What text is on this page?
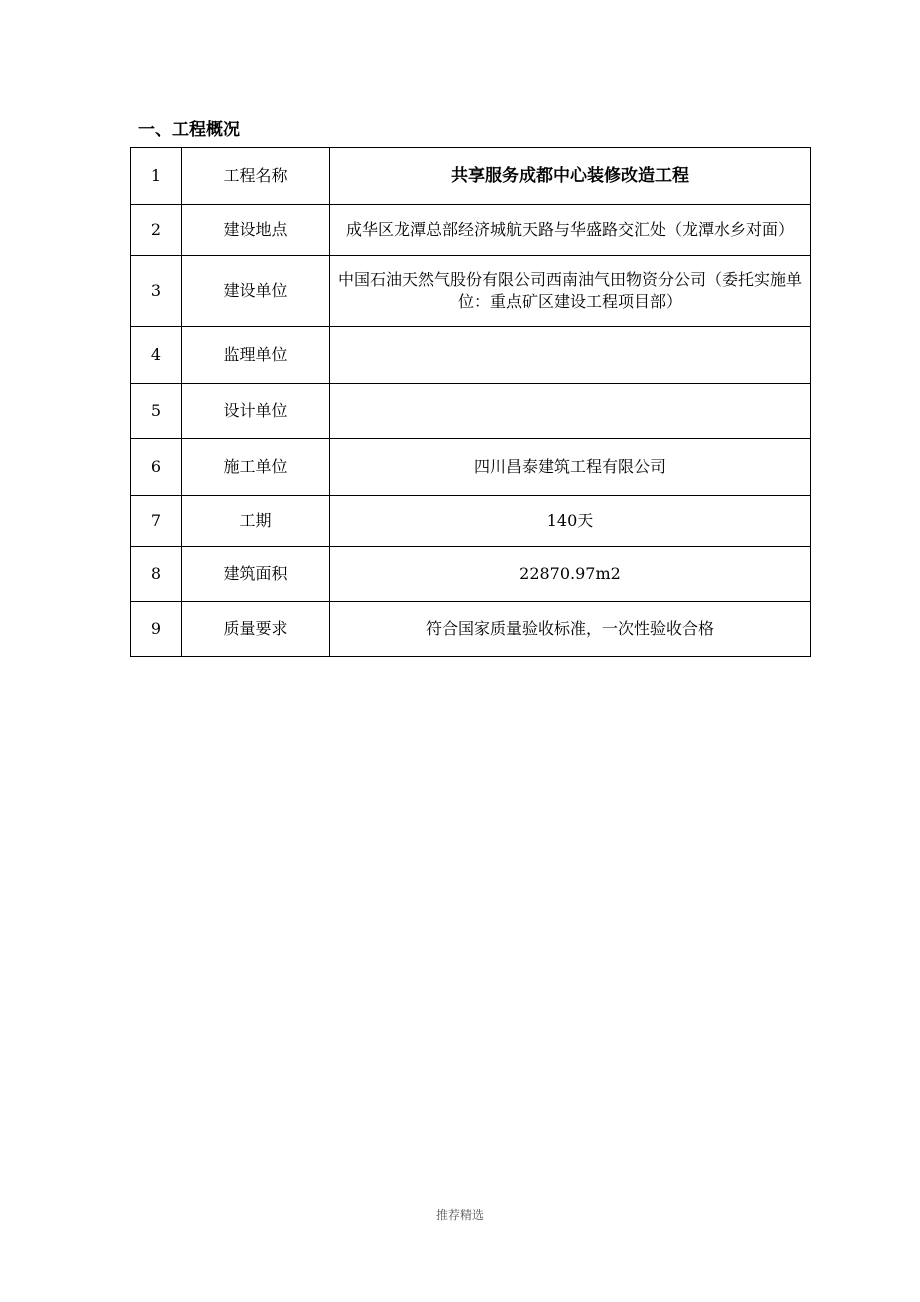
一、工程概况
1	工程名称	共享服务成都中心装修改造工程
2	建设地点	成华区龙潭总部经济城航天路与华盛路交汇处（龙潭水乡对面）
3	建设单位	中国石油天然气股份有限公司西南油气田物资分公司（委托实施单位：重点矿区建设工程项目部）
4	监理单位	
5	设计单位	
6	施工单位	四川昌泰建筑工程有限公司
7	工期	140天
8	建筑面积	22870.97m2
9	质量要求	符合国家质量验收标准，一次性验收合格
推荐精选
